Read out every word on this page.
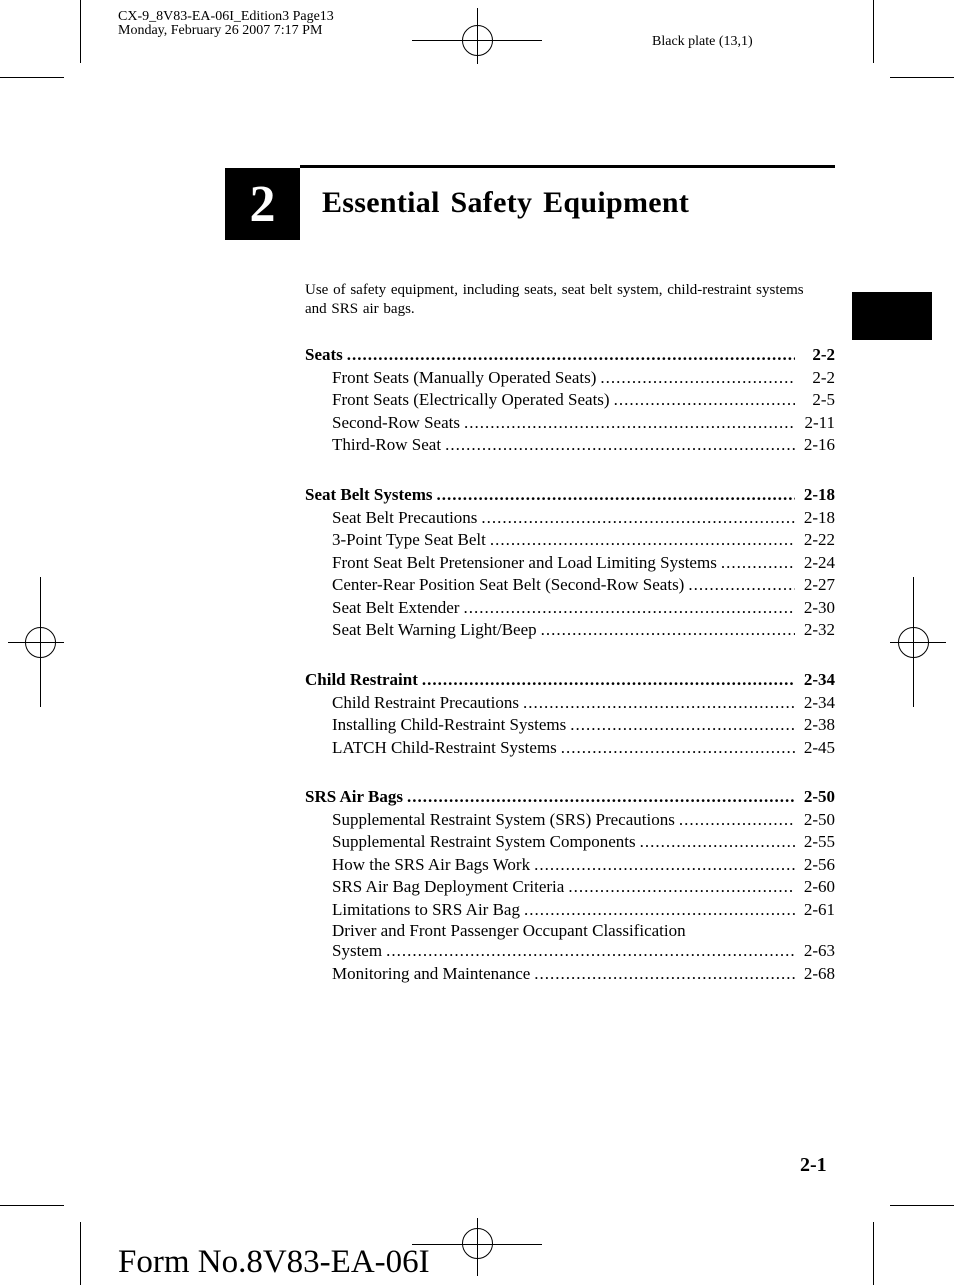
CX-9_8V83-EA-06I_Edition3 Page13
Monday, February 26 2007 7:17 PM
Black plate (13,1)
2	Essential Safety Equipment
Use of safety equipment, including seats, seat belt system, child-restraint systems and SRS air bags.
Seats .....	2-2
Front Seats (Manually Operated Seats) .....	2-2
Front Seats (Electrically Operated Seats) .....	2-5
Second-Row Seats .....	2-11
Third-Row Seat .....	2-16
Seat Belt Systems .....	2-18
Seat Belt Precautions .....	2-18
3-Point Type Seat Belt .....	2-22
Front Seat Belt Pretensioner and Load Limiting Systems .....	2-24
Center-Rear Position Seat Belt (Second-Row Seats) .....	2-27
Seat Belt Extender .....	2-30
Seat Belt Warning Light/Beep .....	2-32
Child Restraint .....	2-34
Child Restraint Precautions .....	2-34
Installing Child-Restraint Systems .....	2-38
LATCH Child-Restraint Systems .....	2-45
SRS Air Bags .....	2-50
Supplemental Restraint System (SRS) Precautions .....	2-50
Supplemental Restraint System Components .....	2-55
How the SRS Air Bags Work .....	2-56
SRS Air Bag Deployment Criteria .....	2-60
Limitations to SRS Air Bag .....	2-61
Driver and Front Passenger Occupant Classification
System .....	2-63
Monitoring and Maintenance .....	2-68
2-1
Form No.8V83-EA-06I
